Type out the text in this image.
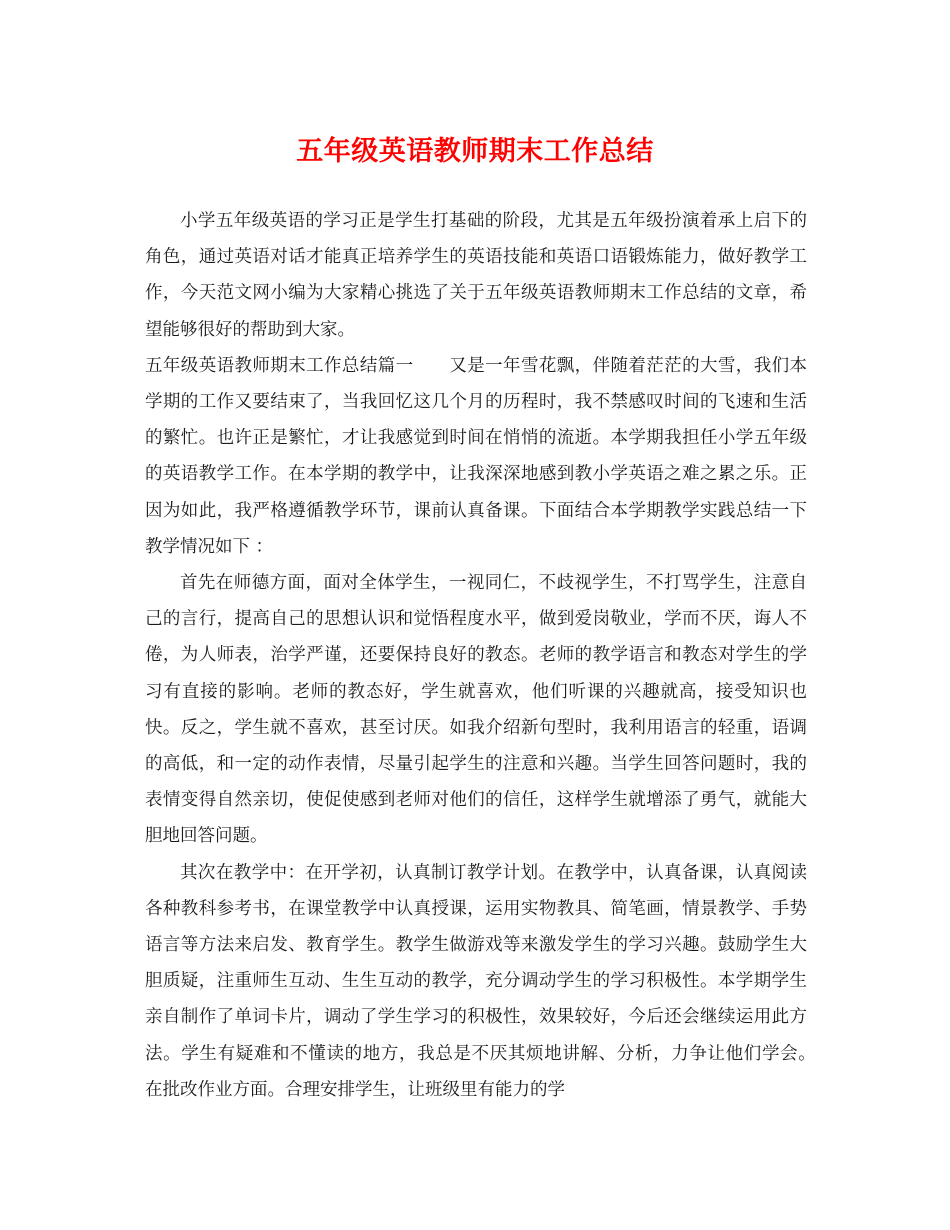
五年级英语教师期末工作总结

小学五年级英语的学习正是学生打基础的阶段，尤其是五年级扮演着承上启下的角色，通过英语对话才能真正培养学生的英语技能和英语口语锻炼能力，做好教学工作，今天范文网小编为大家精心挑选了关于五年级英语教师期末工作总结的文章，希望能够很好的帮助到大家。

五年级英语教师期末工作总结篇一　　又是一年雪花飘，伴随着茫茫的大雪，我们本学期的工作又要结束了，当我回忆这几个月的历程时，我不禁感叹时间的飞速和生活的繁忙。也许正是繁忙，才让我感觉到时间在悄悄的流逝。本学期我担任小学五年级的英语教学工作。在本学期的教学中，让我深深地感到教小学英语之难之累之乐。正因为如此，我严格遵循教学环节，课前认真备课。下面结合本学期教学实践总结一下教学情况如下 ：

首先在师德方面，面对全体学生，一视同仁，不歧视学生，不打骂学生，注意自己的言行，提高自己的思想认识和觉悟程度水平，做到爱岗敬业，学而不厌，诲人不倦，为人师表，治学严谨，还要保持良好的教态。老师的教学语言和教态对学生的学习有直接的影响。老师的教态好，学生就喜欢，他们听课的兴趣就高，接受知识也快。反之，学生就不喜欢，甚至讨厌。如我介绍新句型时，我利用语言的轻重，语调的高低，和一定的动作表情，尽量引起学生的注意和兴趣。当学生回答问题时，我的表情变得自然亲切，使促使感到老师对他们的信任，这样学生就增添了勇气，就能大胆地回答问题。

其次在教学中：在开学初，认真制订教学计划。在教学中，认真备课，认真阅读各种教科参考书，在课堂教学中认真授课，运用实物教具、简笔画，情景教学、手势语言等方法来启发、教育学生。教学生做游戏等来激发学生的学习兴趣。鼓励学生大胆质疑，注重师生互动、生生互动的教学，充分调动学生的学习积极性。本学期学生亲自制作了单词卡片，调动了学生学习的积极性，效果较好，今后还会继续运用此方法。学生有疑难和不懂读的地方，我总是不厌其烦地讲解、分析，力争让他们学会。　在批改作业方面。合理安排学生，让班级里有能力的学
